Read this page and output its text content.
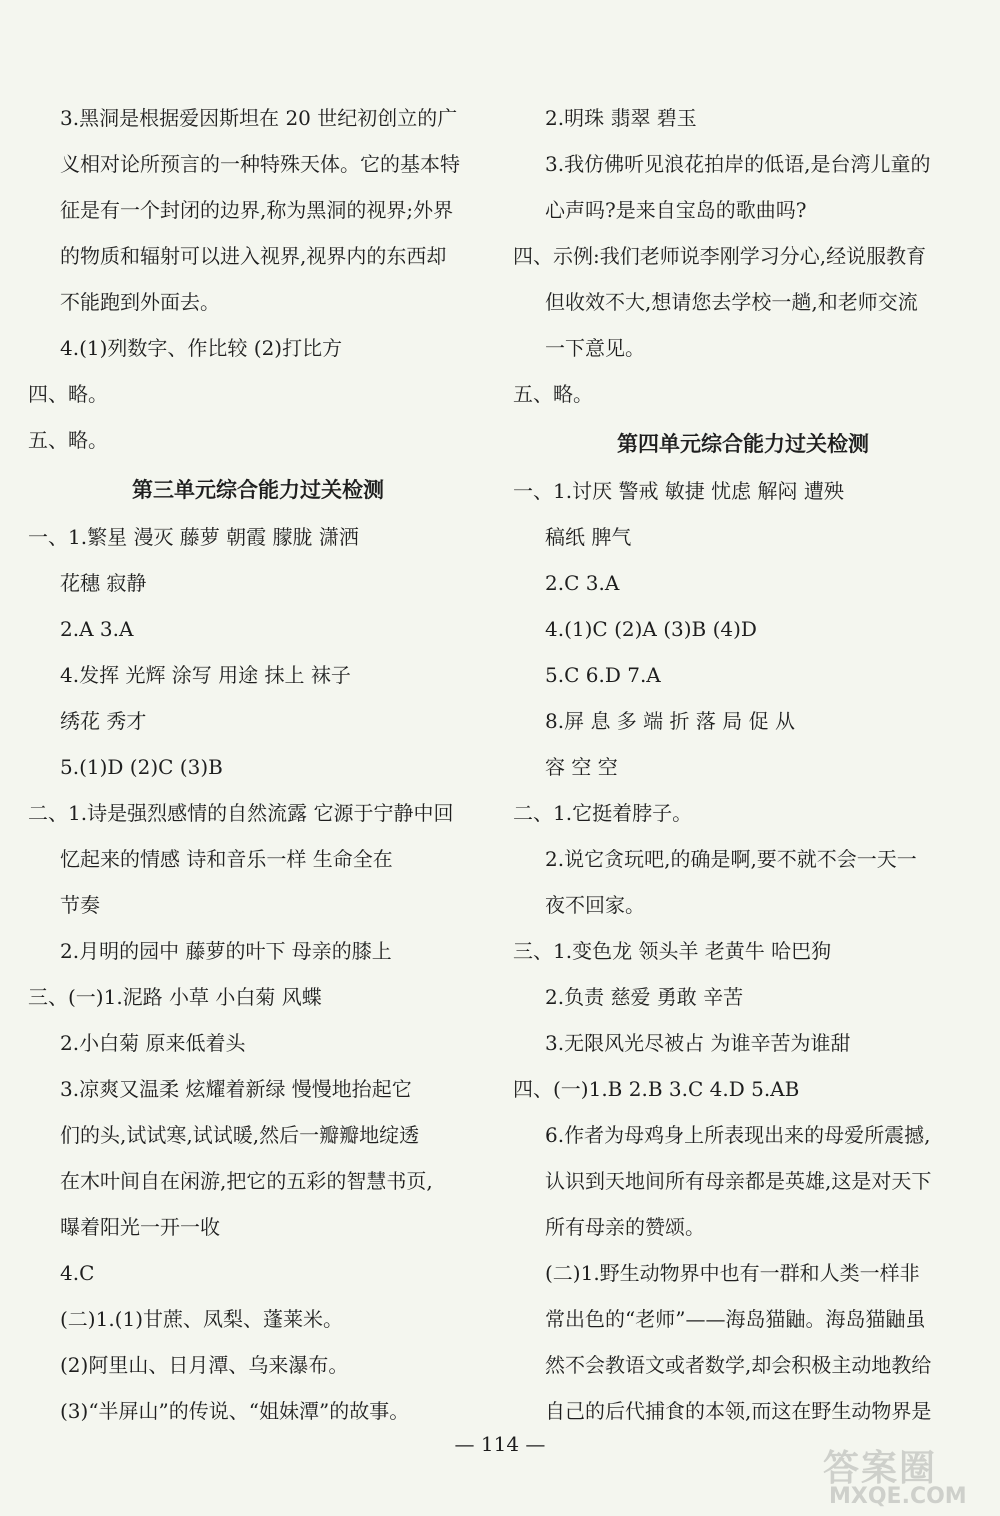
3.黑洞是根据爱因斯坦在 20 世纪初创立的广
义相对论所预言的一种特殊天体。它的基本特
征是有一个封闭的边界,称为黑洞的视界;外界
的物质和辐射可以进入视界,视界内的东西却
不能跑到外面去。
4.(1)列数字、作比较 (2)打比方
四、略。
五、略。
第三单元综合能力过关检测
一、1.繁星 漫灭 藤萝 朝霞 朦胧 潇洒
花穗 寂静
2.A 3.A
4.发挥 光辉 涂写 用途 抹上 袜子
绣花 秀才
5.(1)D (2)C (3)B
二、1.诗是强烈感情的自然流露 它源于宁静中回
忆起来的情感 诗和音乐一样 生命全在
节奏
2.月明的园中 藤萝的叶下 母亲的膝上
三、(一)1.泥路 小草 小白菊 风蝶
2.小白菊 原来低着头
3.凉爽又温柔 炫耀着新绿 慢慢地抬起它
们的头,试试寒,试试暖,然后一瓣瓣地绽透
在木叶间自在闲游,把它的五彩的智慧书页,
曝着阳光一开一收
4.C
(二)1.(1)甘蔗、凤梨、蓬莱米。
(2)阿里山、日月潭、乌来瀑布。
(3)“半屏山”的传说、“姐妹潭”的故事。
2.明珠 翡翠 碧玉
3.我仿佛听见浪花拍岸的低语,是台湾儿童的
心声吗?是来自宝岛的歌曲吗?
四、示例:我们老师说李刚学习分心,经说服教育
但收效不大,想请您去学校一趟,和老师交流
一下意见。
五、略。
第四单元综合能力过关检测
一、1.讨厌 警戒 敏捷 忧虑 解闷 遭殃
稿纸 脾气
2.C 3.A
4.(1)C (2)A (3)B (4)D
5.C 6.D 7.A
8.屏 息 多 端 折 落 局 促 从
容 空 空
二、1.它挺着脖子。
2.说它贪玩吧,的确是啊,要不就不会一天一
夜不回家。
三、1.变色龙 领头羊 老黄牛 哈巴狗
2.负责 慈爱 勇敢 辛苦
3.无限风光尽被占 为谁辛苦为谁甜
四、(一)1.B 2.B 3.C 4.D 5.AB
6.作者为母鸡身上所表现出来的母爱所震撼,
认识到天地间所有母亲都是英雄,这是对天下
所有母亲的赞颂。
(二)1.野生动物界中也有一群和人类一样非
常出色的“老师”——海岛猫鼬。海岛猫鼬虽
然不会教语文或者数学,却会积极主动地教给
自己的后代捕食的本领,而这在野生动物界是
— 114 —
答案圈
MXQE.COM
